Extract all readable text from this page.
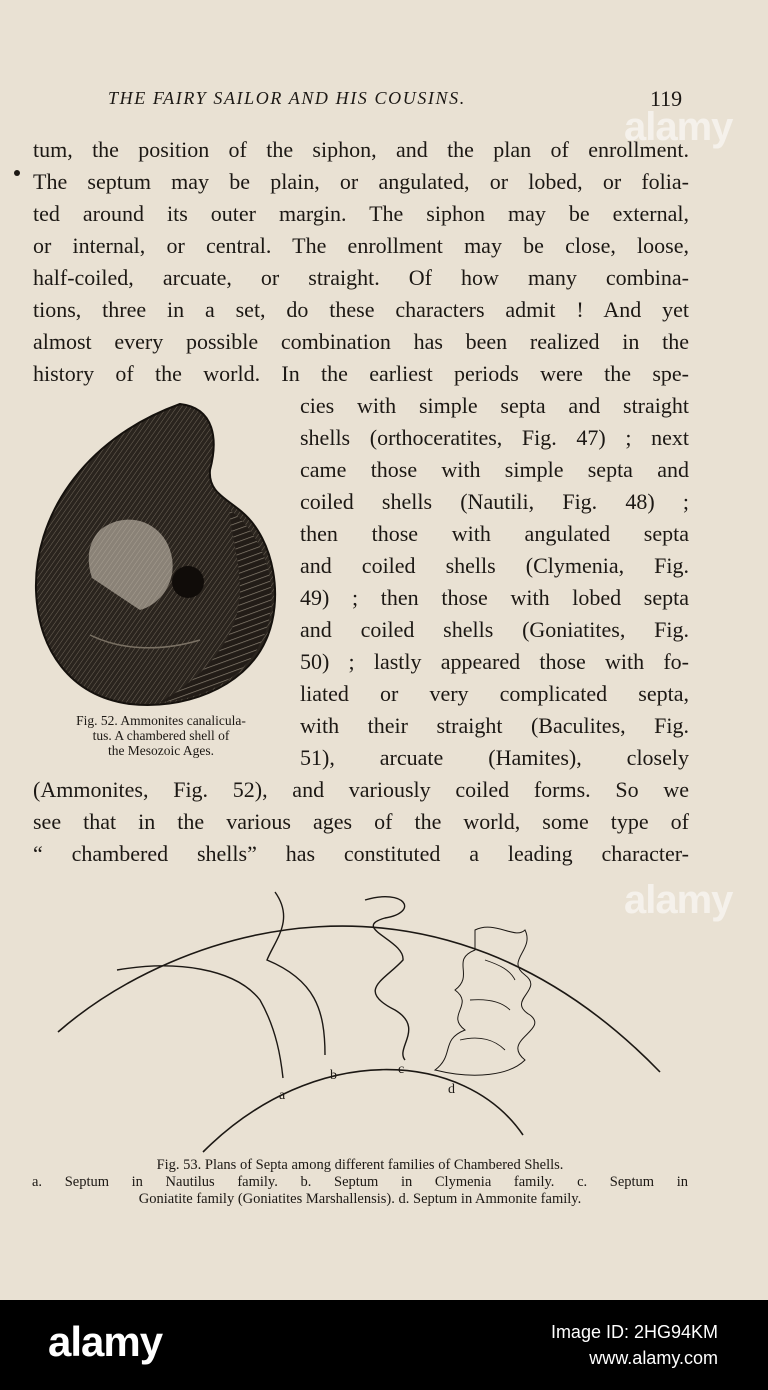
THE FAIRY SAILOR AND HIS COUSINS.	119
tum, the position of the siphon, and the plan of enrollment.
The septum may be plain, or angulated, or lobed, or folia-
ted around its outer margin. The siphon may be external,
or internal, or central. The enrollment may be close, loose,
half-coiled, arcuate, or straight. Of how many combina-
tions, three in a set, do these characters admit ! And yet
almost every possible combination has been realized in the
history of the world. In the earliest periods were the spe-
cies with simple septa and straight
shells (orthoceratites, Fig. 47) ; next
came those with simple septa and
coiled shells (Nautili, Fig. 48) ;
then those with angulated septa
and coiled shells (Clymenia, Fig.
49) ; then those with lobed septa
and coiled shells (Goniatites, Fig.
50) ; lastly appeared those with fo-
liated or very complicated septa,
with their straight (Baculites, Fig.
51), arcuate (Hamites), closely
(Ammonites, Fig. 52), and variously coiled forms. So we
see that in the various ages of the world, some type of
“ chambered shells” has constituted a leading character-
Fig. 52. Ammonites canalicula-
tus. A chambered shell of
the Mesozoic Ages.
a
b	c
d
Fig. 53. Plans of Septa among different families of Chambered Shells.
a. Septum in Nautilus family. b. Septum in Clymenia family. c. Septum in
Goniatite family (Goniatites Marshallensis). d. Septum in Ammonite family.
alamy
alamy
alamy	Image ID: 2HG94KM
www.alamy.com
